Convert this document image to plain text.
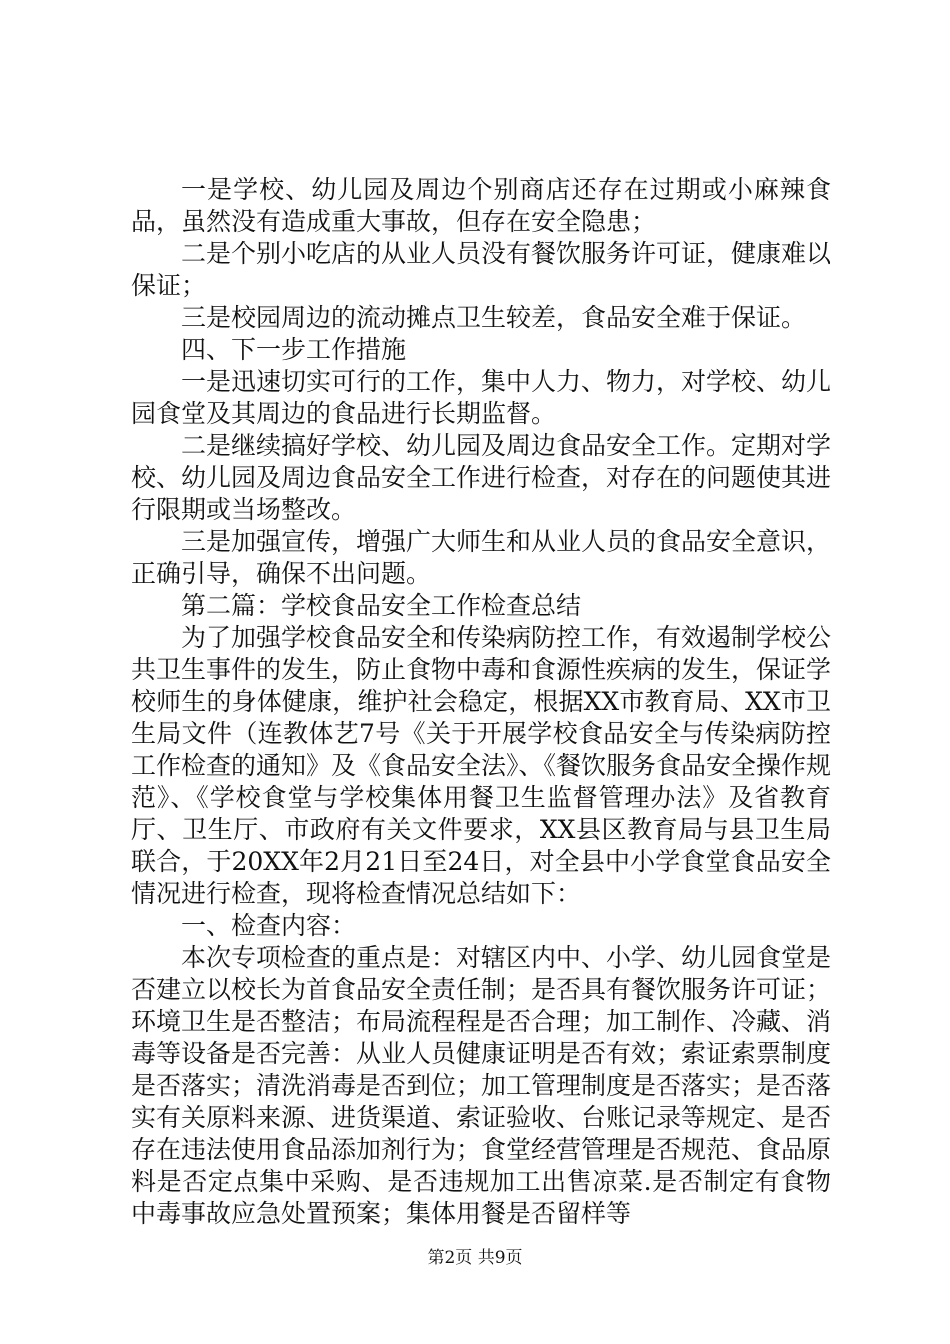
一是学校、幼儿园及周边个别商店还存在过期或小麻辣食品，虽然没有造成重大事故，但存在安全隐患；

二是个别小吃店的从业人员没有餐饮服务许可证，健康难以保证；

三是校园周边的流动摊点卫生较差，食品安全难于保证。

四、下一步工作措施

一是迅速切实可行的工作，集中人力、物力，对学校、幼儿园食堂及其周边的食品进行长期监督。

二是继续搞好学校、幼儿园及周边食品安全工作。定期对学校、幼儿园及周边食品安全工作进行检查，对存在的问题使其进行限期或当场整改。

三是加强宣传，增强广大师生和从业人员的食品安全意识，正确引导，确保不出问题。

第二篇：学校食品安全工作检查总结

为了加强学校食品安全和传染病防控工作，有效遏制学校公共卫生事件的发生，防止食物中毒和食源性疾病的发生，保证学校师生的身体健康，维护社会稳定，根据XX市教育局、XX市卫生局文件（连教体艺7号《关于开展学校食品安全与传染病防控工作检查的通知》及《食品安全法》、《餐饮服务食品安全操作规范》、《学校食堂与学校集体用餐卫生监督管理办法》及省教育厅、卫生厅、市政府有关文件要求，XX县区教育局与县卫生局联合，于20XX年2月21日至24日，对全县中小学食堂食品安全情况进行检查，现将检查情况总结如下：

一、检查内容：

本次专项检查的重点是：对辖区内中、小学、幼儿园食堂是否建立以校长为首食品安全责任制；是否具有餐饮服务许可证；环境卫生是否整洁；布局流程程是否合理；加工制作、冷藏、消毒等设备是否完善：从业人员健康证明是否有效；索证索票制度是否落实；清洗消毒是否到位；加工管理制度是否落实；是否落实有关原料来源、进货渠道、索证验收、台账记录等规定、是否存在违法使用食品添加剂行为；食堂经营管理是否规范、食品原料是否定点集中采购、是否违规加工出售凉菜.是否制定有食物中毒事故应急处置预案；集体用餐是否留样等

第2页 共9页
